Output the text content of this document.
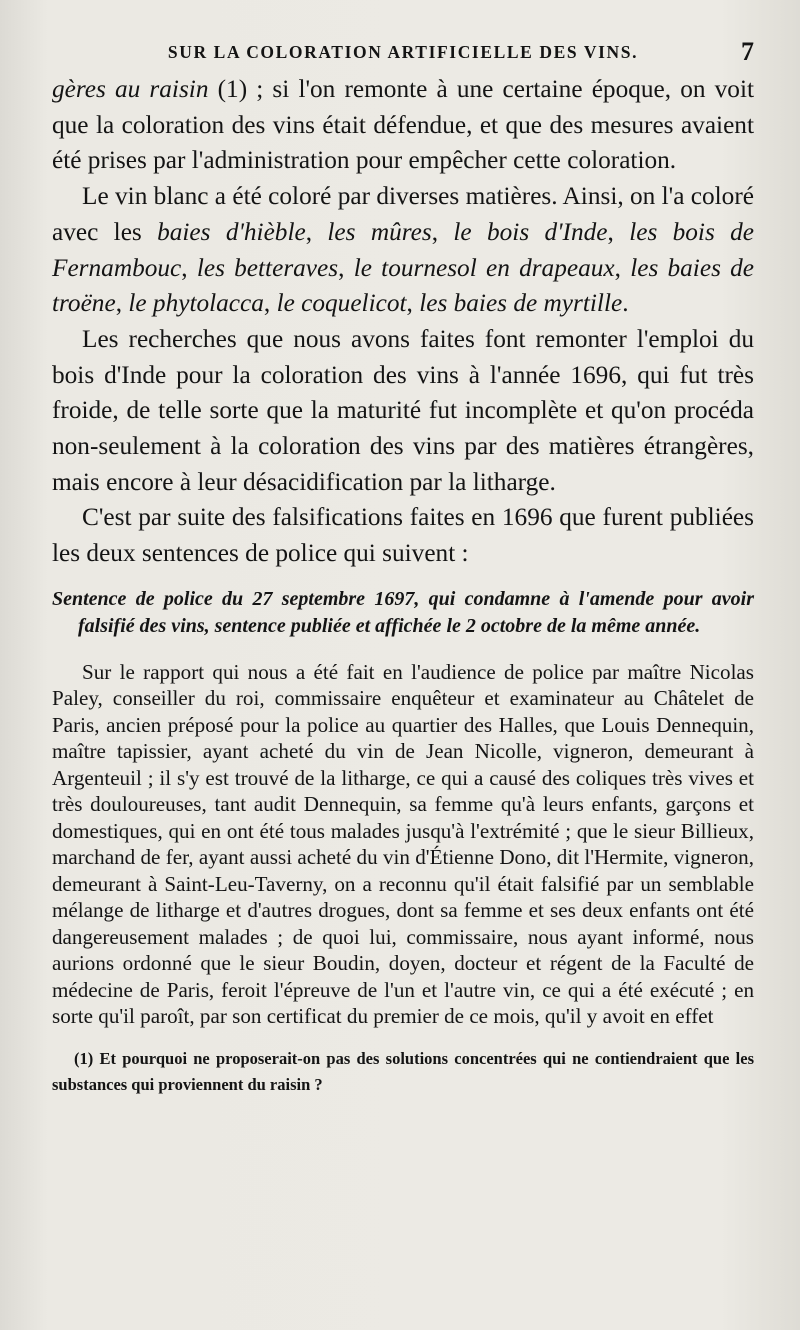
SUR LA COLORATION ARTIFICIELLE DES VINS.	7

gères au raisin (1) ; si l'on remonte à une certaine époque, on voit que la coloration des vins était défendue, et que des mesures avaient été prises par l'administration pour empêcher cette coloration.

Le vin blanc a été coloré par diverses matières. Ainsi, on l'a coloré avec les baies d'hièble, les mûres, le bois d'Inde, les bois de Fernambouc, les betteraves, le tournesol en drapeaux, les baies de troëne, le phytolacca, le coquelicot, les baies de myrtille.

Les recherches que nous avons faites font remonter l'emploi du bois d'Inde pour la coloration des vins à l'année 1696, qui fut très froide, de telle sorte que la maturité fut incomplète et qu'on procéda non-seulement à la coloration des vins par des matières étrangères, mais encore à leur désacidification par la litharge.

C'est par suite des falsifications faites en 1696 que furent publiées les deux sentences de police qui suivent :

Sentence de police du 27 septembre 1697, qui condamne à l'amende pour avoir falsifié des vins, sentence publiée et affichée le 2 octobre de la même année.

Sur le rapport qui nous a été fait en l'audience de police par maître Nicolas Paley, conseiller du roi, commissaire enquêteur et examinateur au Châtelet de Paris, ancien préposé pour la police au quartier des Halles, que Louis Dennequin, maître tapissier, ayant acheté du vin de Jean Nicolle, vigneron, demeurant à Argenteuil ; il s'y est trouvé de la litharge, ce qui a causé des coliques très vives et très douloureuses, tant audit Dennequin, sa femme qu'à leurs enfants, garçons et domestiques, qui en ont été tous malades jusqu'à l'extrémité ; que le sieur Billieux, marchand de fer, ayant aussi acheté du vin d'Étienne Dono, dit l'Hermite, vigneron, demeurant à Saint-Leu-Taverny, on a reconnu qu'il était falsifié par un semblable mélange de litharge et d'autres drogues, dont sa femme et ses deux enfants ont été dangereusement malades ; de quoi lui, commissaire, nous ayant informé, nous aurions ordonné que le sieur Boudin, doyen, docteur et régent de la Faculté de médecine de Paris, feroit l'épreuve de l'un et l'autre vin, ce qui a été exécuté ; en sorte qu'il paroît, par son certificat du premier de ce mois, qu'il y avoit en effet

(1) Et pourquoi ne proposerait-on pas des solutions concentrées qui ne contiendraient que les substances qui proviennent du raisin ?
